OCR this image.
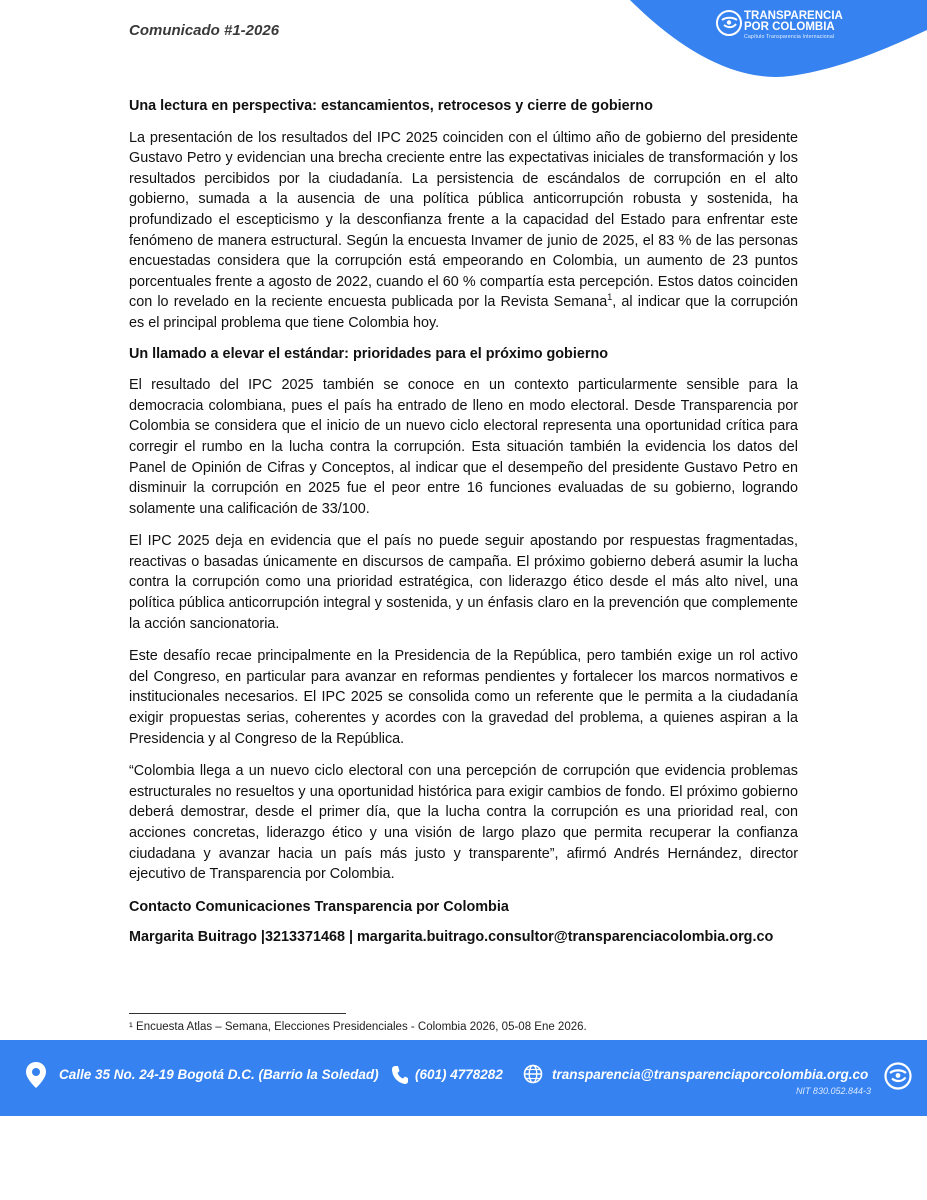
Comunicado #1-2026
TRANSPARENCIA
POR COLOMBIA
Capítulo Transparencia Internacional
Una lectura en perspectiva: estancamientos, retrocesos y cierre de gobierno

La presentación de los resultados del IPC 2025 coinciden con el último año de gobierno del presidente Gustavo Petro y evidencian una brecha creciente entre las expectativas iniciales de transformación y los resultados percibidos por la ciudadanía. La persistencia de escándalos de corrupción en el alto gobierno, sumada a la ausencia de una política pública anticorrupción robusta y sostenida, ha profundizado el escepticismo y la desconfianza frente a la capacidad del Estado para enfrentar este fenómeno de manera estructural. Según la encuesta Invamer de junio de 2025, el 83 % de las personas encuestadas considera que la corrupción está empeorando en Colombia, un aumento de 23 puntos porcentuales frente a agosto de 2022, cuando el 60 % compartía esta percepción. Estos datos coinciden con lo revelado en la reciente encuesta publicada por la Revista Semana$^1$, al indicar que la corrupción es el principal problema que tiene Colombia hoy.

Un llamado a elevar el estándar: prioridades para el próximo gobierno

El resultado del IPC 2025 también se conoce en un contexto particularmente sensible para la democracia colombiana, pues el país ha entrado de lleno en modo electoral. Desde Transparencia por Colombia se considera que el inicio de un nuevo ciclo electoral representa una oportunidad crítica para corregir el rumbo en la lucha contra la corrupción. Esta situación también la evidencia los datos del Panel de Opinión de Cifras y Conceptos, al indicar que el desempeño del presidente Gustavo Petro en disminuir la corrupción en 2025 fue el peor entre 16 funciones evaluadas de su gobierno, logrando solamente una calificación de 33/100.

El IPC 2025 deja en evidencia que el país no puede seguir apostando por respuestas fragmentadas, reactivas o basadas únicamente en discursos de campaña. El próximo gobierno deberá asumir la lucha contra la corrupción como una prioridad estratégica, con liderazgo ético desde el más alto nivel, una política pública anticorrupción integral y sostenida, y un énfasis claro en la prevención que complemente la acción sancionatoria.

Este desafío recae principalmente en la Presidencia de la República, pero también exige un rol activo del Congreso, en particular para avanzar en reformas pendientes y fortalecer los marcos normativos e institucionales necesarios. El IPC 2025 se consolida como un referente que le permita a la ciudadanía exigir propuestas serias, coherentes y acordes con la gravedad del problema, a quienes aspiran a la Presidencia y al Congreso de la República.

“Colombia llega a un nuevo ciclo electoral con una percepción de corrupción que evidencia problemas estructurales no resueltos y una oportunidad histórica para exigir cambios de fondo. El próximo gobierno deberá demostrar, desde el primer día, que la lucha contra la corrupción es una prioridad real, con acciones concretas, liderazgo ético y una visión de largo plazo que permita recuperar la confianza ciudadana y avanzar hacia un país más justo y transparente”, afirmó Andrés Hernández, director ejecutivo de Transparencia por Colombia.

Contacto Comunicaciones Transparencia por Colombia
Margarita Buitrago |3213371468 | margarita.buitrago.consultor@transparenciacolombia.org.co
¹ Encuesta Atlas – Semana, Elecciones Presidenciales - Colombia 2026, 05-08 Ene 2026.
Calle 35 No. 24-19 Bogotá D.C. (Barrio la Soledad)	(601) 4778282	transparencia@transparenciaporcolombia.org.co
NIT 830.052.844-3
